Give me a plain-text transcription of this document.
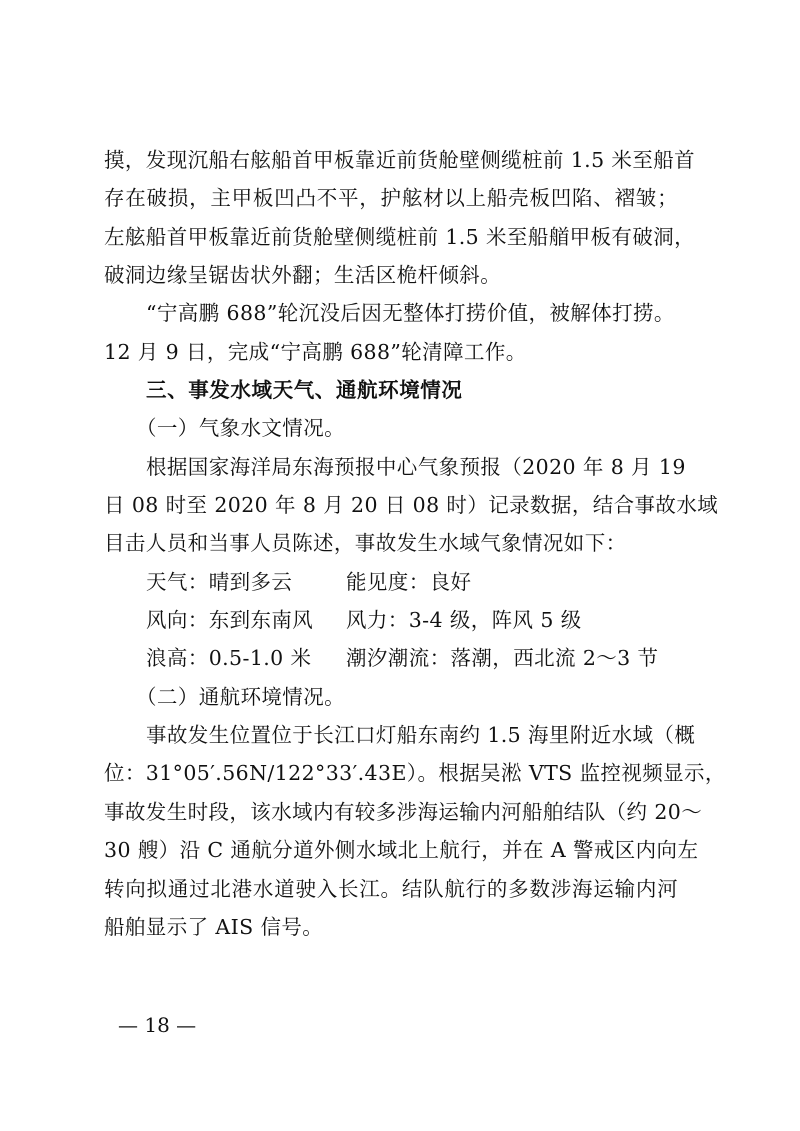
摸，发现沉船右舷船首甲板靠近前货舱壁侧缆桩前 1.5 米至船首
存在破损，主甲板凹凸不平，护舷材以上船壳板凹陷、褶皱；
左舷船首甲板靠近前货舱壁侧缆桩前 1.5 米至船艏甲板有破洞，
破洞边缘呈锯齿状外翻；生活区桅杆倾斜。
“宁高鹏 688”轮沉没后因无整体打捞价值，被解体打捞。
12 月 9 日，完成“宁高鹏 688”轮清障工作。
三、事发水域天气、通航环境情况
（一）气象水文情况。
根据国家海洋局东海预报中心气象预报（2020 年 8 月 19
日 08 时至 2020 年 8 月 20 日 08 时）记录数据，结合事故水域
目击人员和当事人员陈述，事故发生水域气象情况如下：
天气：晴到多云	能见度：良好
风向：东到东南风 风力：3-4 级，阵风 5 级
浪高：0.5-1.0 米 潮汐潮流：落潮，西北流 2～3 节
（二）通航环境情况。
事故发生位置位于长江口灯船东南约 1.5 海里附近水域（概
位：31°05′.56N/122°33′.43E）。根据吴淞 VTS 监控视频显示，
事故发生时段，该水域内有较多涉海运输内河船舶结队（约 20～
30 艘）沿 C 通航分道外侧水域北上航行，并在 A 警戒区内向左
转向拟通过北港水道驶入长江。结队航行的多数涉海运输内河
船舶显示了 AIS 信号。
— 18 —
